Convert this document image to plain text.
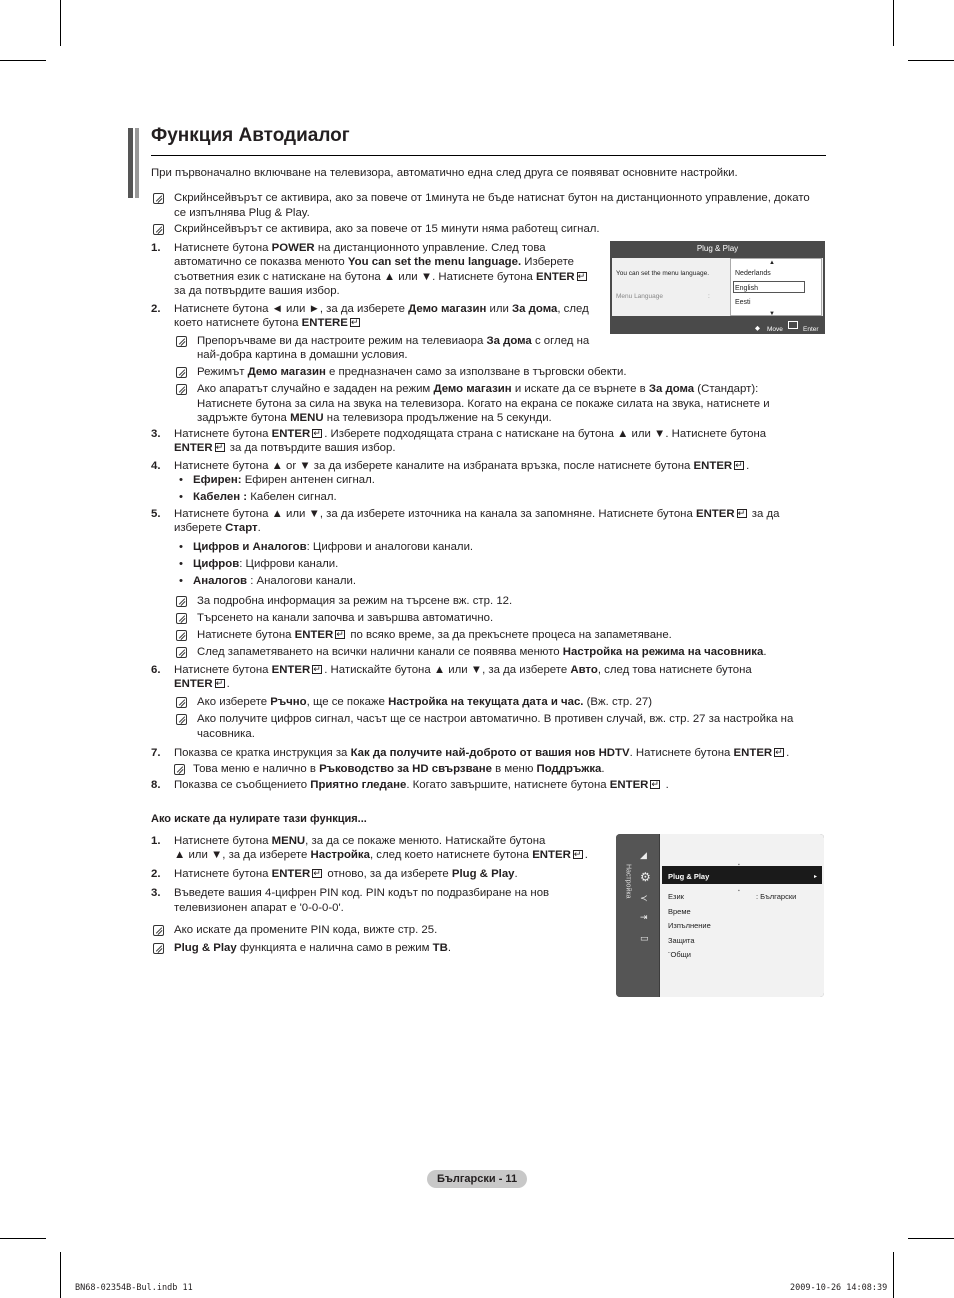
Функция Автодиалог
При първоначално включване на телевизора, автоматично една след друга се появяват основните настройки.
Скрийнсейвърът се активира, ако за повече от 1минута не бъде натиснат бутон на дистанционното управление, докато
се изпълнява Plug & Play.
Скрийнсейвърът се активира, ако за повече от 15 минути няма работещ сигнал.
1. Натиснете бутона POWER на дистанционното управление. След това
автоматично се показва менюто You can set the menu language. Изберете
съответния език с натискане на бутона ▲ или ▼. Натиснете бутона ENTER↵
за да потвърдите вашия избор.
2. Натиснете бутона ◄ или ►, за да изберете Демо магазин или За дома, след
което натиснете бутона ENTERE↵
Препоръчваме ви да настроите режим на телевиаора За дома с оглед на
най-добра картина в домашни условия.
Режимът Демо магазин е предназначен само за използване в търговски обекти.
Ако апаратът случайно е зададен на режим Демо магазин и искате да се върнете в За дома (Стандарт):
Натиснете бутона за сила на звука на телевизора. Когато на екрана се покаже силата на звука, натиснете и
задръжте бутона MENU на телевизора продължение на 5 секунди.
3. Натиснете бутона ENTER ↵ . Изберете подходящата страна с натискане на бутона ▲ или ▼. Натиснете бутона
ENTER↵ за да потвърдите вашия избор.
4. Натиснете бутона ▲ or ▼ за да изберете каналите на избраната връзка, после натиснете бутона ENTER ↵ .
• Ефирен: Ефирен антенен сигнал.
• Кабелен : Кабелен сигнал.
5. Натиснете бутона ▲ или ▼, за да изберете източника на канала за запомняне. Натиснете бутона ENTER↵ за да
изберете Старт.
• Цифров и Аналогов: Цифрови и аналогови канали.
• Цифров: Цифрови канали.
• Аналогов : Аналогови канали.
За подробна информация за режим на търсене вж. стр. 12.
Търсенето на канали започва и завършва автоматично.
Натиснете бутона ENTER↵ по всяко време, за да прекъснете процеса на запаметяване.
След запаметяването на всички налични канали се появява менюто Настройка на режима на часовника.
6. Натиснете бутона ENTER ↵ . Натискайте бутона ▲ или ▼, за да изберете Авто, след това натиснете бутона
ENTER ↵ .
Ако изберете Ръчно, ще се покаже Настройка на текущата дата и час. (Вж. стр. 27)
Ако получите цифров сигнал, часът ще се настрои автоматично. В противен случай, вж. стр. 27 за настройка на
часовника.
7. Показва се кратка инструкция за Как да получите най-доброто от вашия нов HDTV. Натиснете бутона ENTER ↵ .
Това меню е налично в Ръководство за HD свързване в меню Поддръжка.
8. Показва се съобщението Приятно гледане. Когато завършите, натиснете бутона ENTER↵ .
Ако искате да нулирате тази функция...
1. Натиснете бутона MENU, за да се покаже менюто. Натискайте бутона
▲ или ▼, за да изберете Настройка, след което натиснете бутона ENTER ↵ .
2. Натиснете бутона ENTER↵ отново, за да изберете Plug & Play.
3. Въведете вашия 4-цифрен PIN код. PIN кодът по подразбиране на нов
телевизионен апарат е '0-0-0-0'.
Ако искате да промените PIN кода, вижте стр. 25.
Plug & Play функцията е налична само в режим ТВ.
Plug & Play
You can set the menu language.
Menu Language	:
▲
Nederlands
English
Eesti
▼
◆ Move	Enter
Настройка
◢
⚙
≺
⇥
▭
▪
Plug & Play	▸
▪
Език	: Български
Време
Изпълнение
Защита
¨Общи
Български - 11
BN68-02354B-Bul.indb 11	2009-10-26 14:08:39
